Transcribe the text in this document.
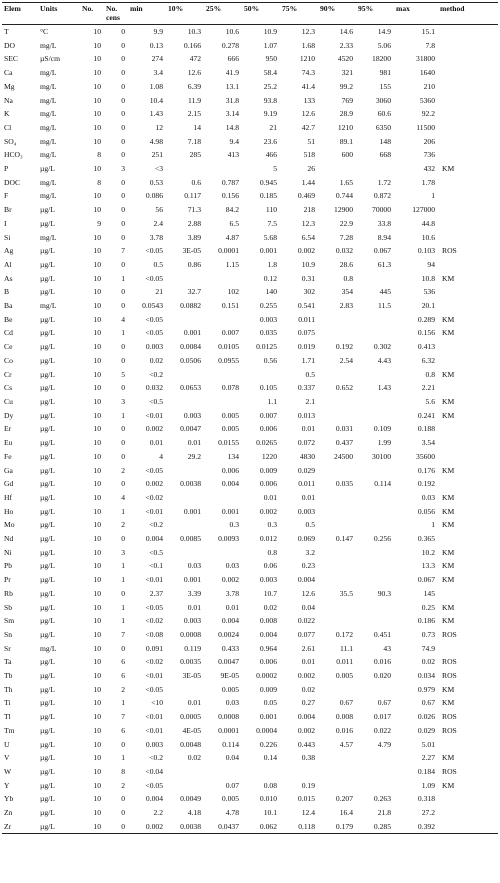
Elem	Units	No.	No. cens	min	10%	25%	50%	75%	90%	95%	max	method
T	°C	10	0	9.9	10.3	10.6	10.9	12.3	14.6	14.9	15.1	
DO	mg/L	10	0	0.13	0.166	0.278	1.07	1.68	2.33	5.06	7.8	
SEC	µS/cm	10	0	274	472	666	950	1210	4520	18200	31800	
Ca	mg/L	10	0	3.4	12.6	41.9	58.4	74.3	321	981	1640	
Mg	mg/L	10	0	1.08	6.39	13.1	25.2	41.4	99.2	155	210	
Na	mg/L	10	0	10.4	11.9	31.8	93.8	133	769	3060	5360	
K	mg/L	10	0	1.43	2.15	3.14	9.19	12.6	28.9	60.6	92.2	
Cl	mg/L	10	0	12	14	14.8	21	42.7	1210	6350	11500	
SO₄	mg/L	10	0	4.98	7.18	9.4	23.6	51	89.1	148	206	
HCO₃	mg/L	8	0	251	285	413	466	518	600	668	736	
P	µg/L	10	3	<3			5	26			432	KM
DOC	mg/L	8	0	0.53	0.6	0.787	0.945	1.44	1.65	1.72	1.78	
F	mg/L	10	0	0.086	0.117	0.156	0.185	0.469	0.744	0.872	1	
Br	µg/L	10	0	56	71.3	84.2	110	218	12900	70000	127000	
I	µg/L	9	0	2.4	2.88	6.5	7.5	12.3	22.9	33.8	44.8	
Si	mg/L	10	0	3.78	3.89	4.87	5.68	6.54	7.28	8.94	10.6	
Ag	µg/L	10	7	<0.05	3E-05	0.0001	0.001	0.002	0.032	0.067	0.103	ROS
Al	µg/L	10	0	0.5	0.86	1.15	1.8	10.9	28.6	61.3	94	
As	µg/L	10	1	<0.05			0.12	0.31	0.8		10.8	KM
B	µg/L	10	0	21	32.7	102	140	302	354	445	536	
Ba	mg/L	10	0	0.0543	0.0882	0.151	0.255	0.541	2.83	11.5	20.1	
Be	µg/L	10	4	<0.05			0.003	0.011			0.289	KM
Cd	µg/L	10	1	<0.05	0.001	0.007	0.035	0.075			0.156	KM
Ce	µg/L	10	0	0.003	0.0084	0.0105	0.0125	0.019	0.192	0.302	0.413	
Co	µg/L	10	0	0.02	0.0506	0.0955	0.56	1.71	2.54	4.43	6.32	
Cr	µg/L	10	5	<0.2				0.5			0.8	KM
Cs	µg/L	10	0	0.032	0.0653	0.078	0.105	0.337	0.652	1.43	2.21	
Cu	µg/L	10	3	<0.5			1.1	2.1			5.6	KM
Dy	µg/L	10	1	<0.01	0.003	0.005	0.007	0.013			0.241	KM
Er	µg/L	10	0	0.002	0.0047	0.005	0.006	0.01	0.031	0.109	0.188	
Eu	µg/L	10	0	0.01	0.01	0.0155	0.0265	0.072	0.437	1.99	3.54	
Fe	µg/L	10	0	4	29.2	134	1220	4830	24500	30100	35600	
Ga	µg/L	10	2	<0.05		0.006	0.009	0.029			0.176	KM
Gd	µg/L	10	0	0.002	0.0038	0.004	0.006	0.011	0.035	0.114	0.192	
Hf	µg/L	10	4	<0.02			0.01	0.01			0.03	KM
Ho	µg/L	10	1	<0.01	0.001	0.001	0.002	0.003			0.056	KM
Mo	µg/L	10	2	<0.2		0.3	0.3	0.5			1	KM
Nd	µg/L	10	0	0.004	0.0085	0.0093	0.012	0.069	0.147	0.256	0.365	
Ni	µg/L	10	3	<0.5			0.8	3.2			10.2	KM
Pb	µg/L	10	1	<0.1	0.03	0.03	0.06	0.23			13.3	KM
Pr	µg/L	10	1	<0.01	0.001	0.002	0.003	0.004			0.067	KM
Rb	µg/L	10	0	2.37	3.39	3.78	10.7	12.6	35.5	90.3	145	
Sb	µg/L	10	1	<0.05	0.01	0.01	0.02	0.04			0.25	KM
Sm	µg/L	10	1	<0.02	0.003	0.004	0.008	0.022			0.186	KM
Sn	µg/L	10	7	<0.08	0.0008	0.0024	0.004	0.077	0.172	0.451	0.73	ROS
Sr	mg/L	10	0	0.091	0.119	0.433	0.964	2.61	11.1	43	74.9	
Ta	µg/L	10	6	<0.02	0.0035	0.0047	0.006	0.01	0.011	0.016	0.02	ROS
Tb	µg/L	10	6	<0.01	3E-05	9E-05	0.0002	0.002	0.005	0.020	0.034	ROS
Th	µg/L	10	2	<0.05		0.005	0.009	0.02			0.979	KM
Ti	µg/L	10	1	<10	0.01	0.03	0.05	0.27	0.67	0.67	0.67	KM
Tl	µg/L	10	7	<0.01	0.0005	0.0008	0.001	0.004	0.008	0.017	0.026	ROS
Tm	µg/L	10	6	<0.01	4E-05	0.0001	0.0004	0.002	0.016	0.022	0.029	ROS
U	µg/L	10	0	0.003	0.0048	0.114	0.226	0.443	4.57	4.79	5.01	
V	µg/L	10	1	<0.2	0.02	0.04	0.14	0.38			2.27	KM
W	µg/L	10	8	<0.04							0.184	ROS
Y	µg/L	10	2	<0.05		0.07	0.08	0.19			1.09	KM
Yb	µg/L	10	0	0.004	0.0049	0.005	0.010	0.015	0.207	0.263	0.318	
Zn	µg/L	10	0	2.2	4.18	4.78	10.1	12.4	16.4	21.8	27.2	
Zr	µg/L	10	0	0.002	0.0038	0.0437	0.062	0.118	0.179	0.285	0.392	
